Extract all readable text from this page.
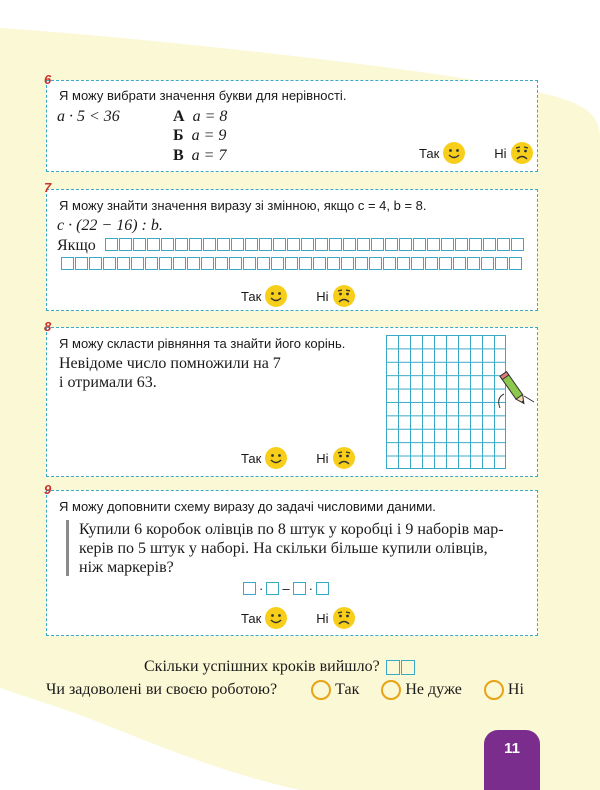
6
Я можу вибрати значення букви для нерівності.
a · 5 < 36	А a = 8
Б a = 9
В a = 7	Так	Ні
7
Я можу знайти значення виразу зі змінною, якщо c = 4, b = 8.
c · (22 − 16) : b.
Якщо
Так	Ні
8
Я можу скласти рівняння та знайти його корінь.
Невідоме число помножили на 7
і отримали 63.
Так	Ні
9
Я можу доповнити схему виразу до задачі числовими даними.
Купили 6 коробок олівців по 8 штук у коробці і 9 наборів мар-
керів по 5 штук у наборі. На скільки більше купили олівців,
ніж маркерів?
· – ·
Так	Ні
Скільки успішних кроків вийшло?
Чи задоволені ви своєю роботою?	Так	Не дуже	Ні
11
